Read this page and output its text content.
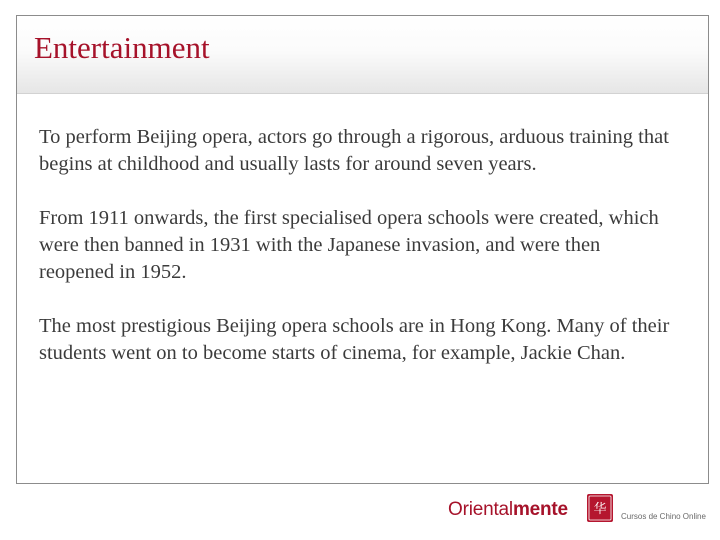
Entertainment

To perform Beijing opera, actors go through a rigorous, arduous training that begins at childhood and usually lasts for around seven years.

From 1911 onwards, the first specialised opera schools were created, which were then banned in 1931 with the Japanese invasion, and were then reopened in 1952.

The most prestigious Beijing opera schools are in Hong Kong. Many of their students went on to become starts of cinema, for example, Jackie Chan.

Orientalmente 华 Cursos de Chino Online
